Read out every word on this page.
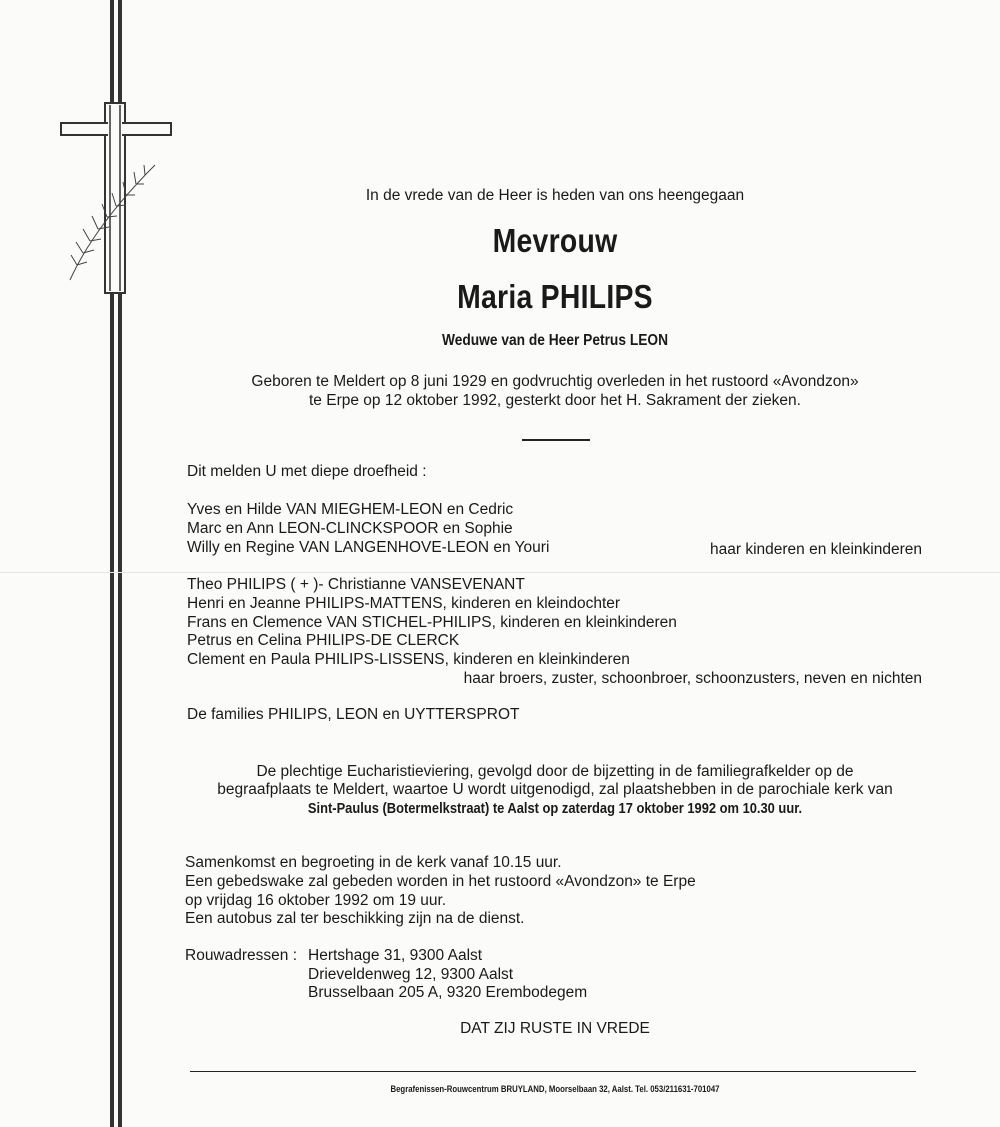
In de vrede van de Heer is heden van ons heengegaan
Mevrouw
Maria PHILIPS
Weduwe van de Heer Petrus LEON
Geboren te Meldert op 8 juni 1929 en godvruchtig overleden in het rustoord «Avondzon»
te Erpe op 12 oktober 1992, gesterkt door het H. Sakrament der zieken.
Dit melden U met diepe droefheid :
Yves en Hilde VAN MIEGHEM-LEON en Cedric
Marc en Ann LEON-CLINCKSPOOR en Sophie
Willy en Regine VAN LANGENHOVE-LEON en Youri	haar kinderen en kleinkinderen
Theo PHILIPS ( + )- Christianne VANSEVENANT
Henri en Jeanne PHILIPS-MATTENS, kinderen en kleindochter
Frans en Clemence VAN STICHEL-PHILIPS, kinderen en kleinkinderen
Petrus en Celina PHILIPS-DE CLERCK
Clement en Paula PHILIPS-LISSENS, kinderen en kleinkinderen
haar broers, zuster, schoonbroer, schoonzusters, neven en nichten
De families PHILIPS, LEON en UYTTERSPROT
De plechtige Eucharistieviering, gevolgd door de bijzetting in de familiegrafkelder op de
begraafplaats te Meldert, waartoe U wordt uitgenodigd, zal plaatshebben in de parochiale kerk van
Sint-Paulus (Botermelkstraat) te Aalst op zaterdag 17 oktober 1992 om 10.30 uur.
Samenkomst en begroeting in de kerk vanaf 10.15 uur.
Een gebedswake zal gebeden worden in het rustoord «Avondzon» te Erpe
op vrijdag 16 oktober 1992 om 19 uur.
Een autobus zal ter beschikking zijn na de dienst.
Rouwadressen : Hertshage 31, 9300 Aalst
Drieveldenweg 12, 9300 Aalst
Brusselbaan 205 A, 9320 Erembodegem
DAT ZIJ RUSTE IN VREDE
Begrafenissen-Rouwcentrum BRUYLAND, Moorselbaan 32, Aalst. Tel. 053/211631-701047
